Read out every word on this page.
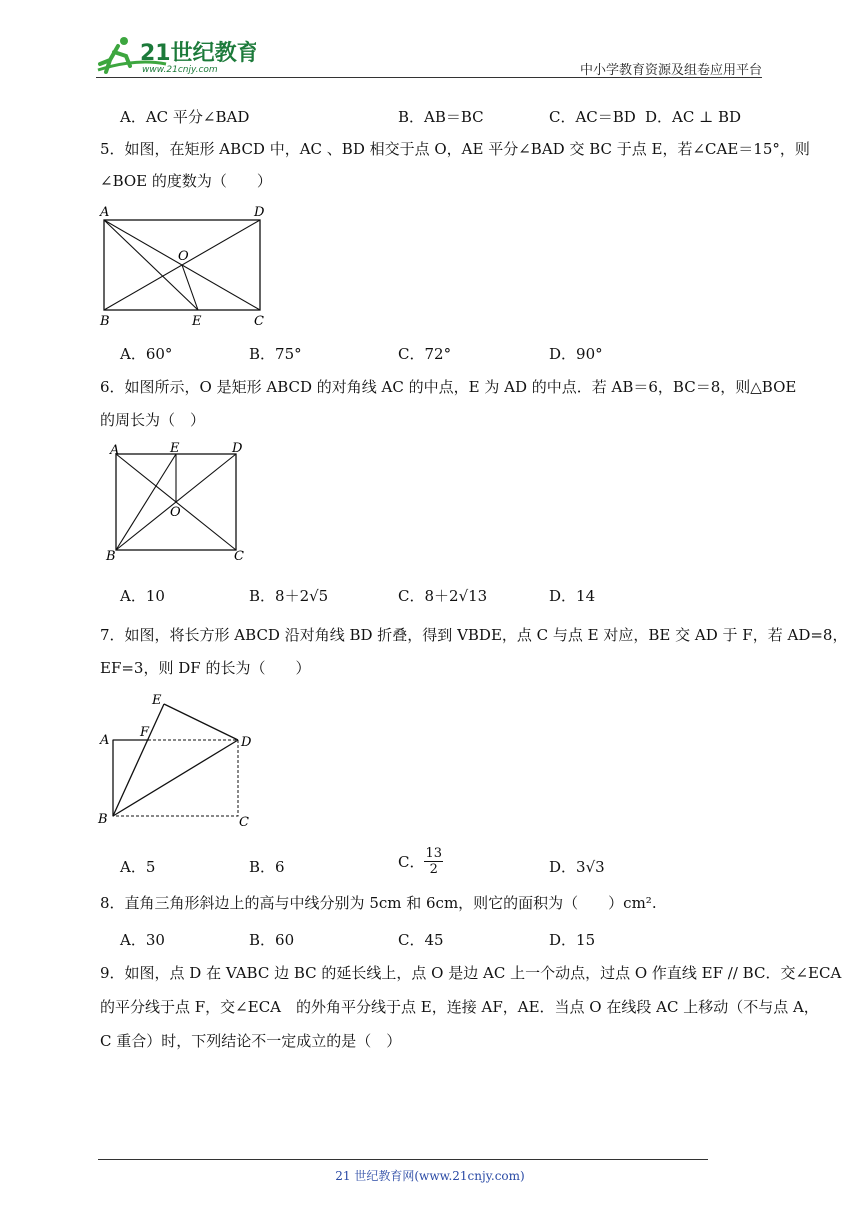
21世纪教育
www.21cnjy.com	中小学教育资源及组卷应用平台
A．AC 平分∠BAD	B．AB＝BC	C．AC＝BD D．AC ⊥ BD
5．如图，在矩形 ABCD 中，AC 、BD 相交于点 O，AE 平分∠BAD 交 BC 于点 E，若∠CAE＝15°，则
∠BOE 的度数为（　　）
A	D
O
B	E	C
A．60°	B．75°	C．72°	D．90°
6．如图所示，O 是矩形 ABCD 的对角线 AC 的中点，E 为 AD 的中点．若 AB＝6，BC＝8，则△BOE
的周长为（　）
A	E	D
O
B	C
A．10	B．8＋2√5	C．8＋2√13	D．14
7．如图，将长方形 ABCD 沿对角线 BD 折叠，得到 VBDE，点 C 与点 E 对应，BE 交 AD 于 F，若 AD=8，
EF=3，则 DF 的长为（　　）
E
F
A	D
B	C
A．5	B．6	C． $\frac{13}{2}$	D．3√3
8．直角三角形斜边上的高与中线分别为 5cm 和 6cm，则它的面积为（　　）cm².
A．30	B．60	C．45	D．15
9．如图，点 D 在 VABC 边 BC 的延长线上，点 O 是边 AC 上一个动点，过点 O 作直线 EF // BC．交∠ECA
的平分线于点 F，交∠ECA　的外角平分线于点 E，连接 AF，AE．当点 O 在线段 AC 上移动（不与点 A，
C 重合）时，下列结论不一定成立的是（　）
21 世纪教育网(www.21cnjy.com)
